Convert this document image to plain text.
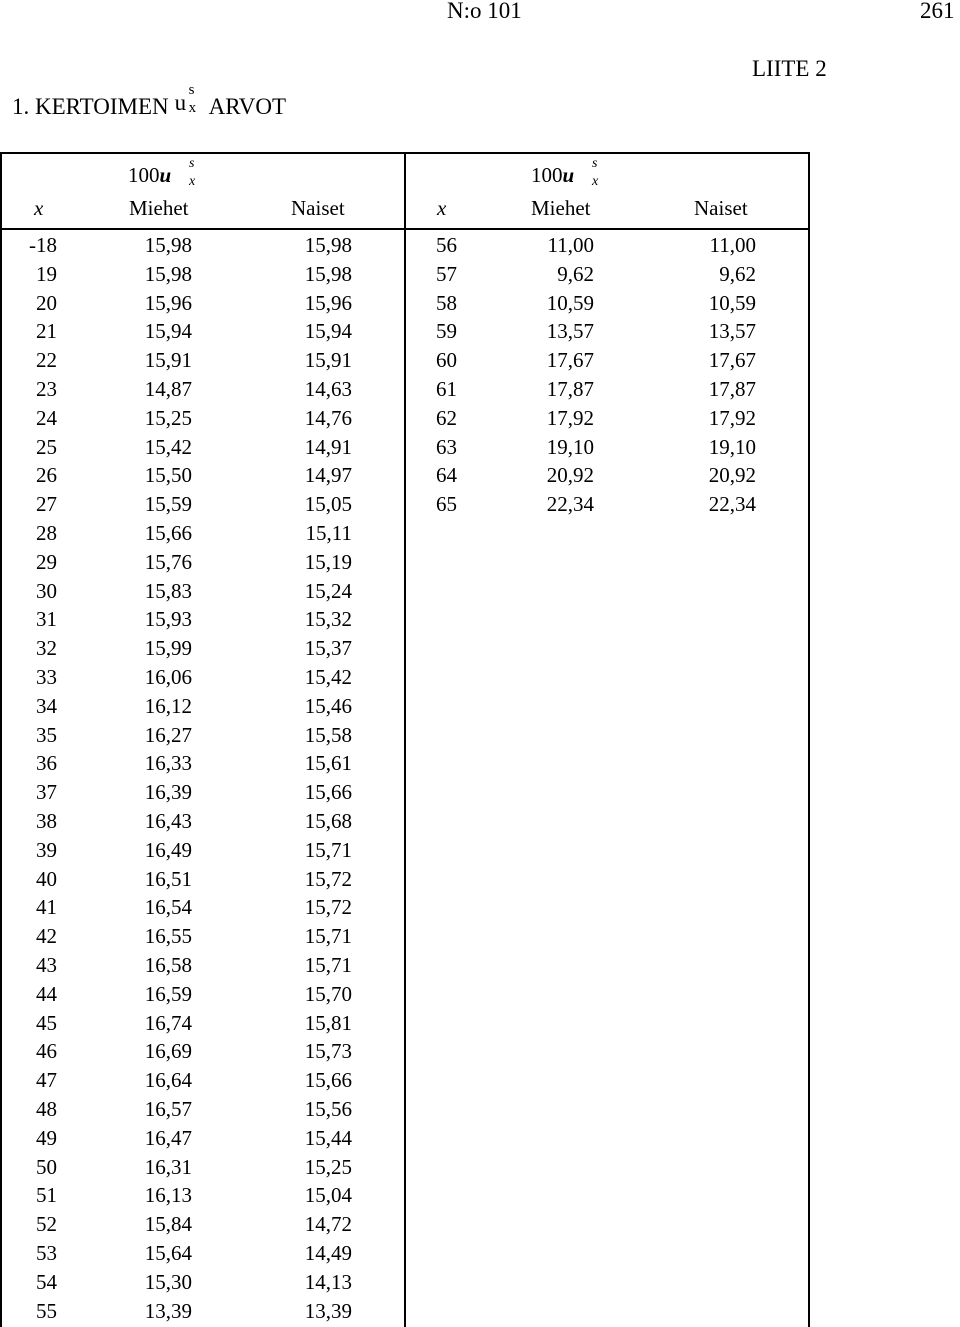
N:o 101	261
LIITE 2
1. KERTOIMEN u s
x ARVOT
100u s
x
x	Miehet	Naiset
100u s
x
x	Miehet	Naiset
-18	15,98	15,98
19	15,98	15,98
20	15,96	15,96
21	15,94	15,94
22	15,91	15,91
23	14,87	14,63
24	15,25	14,76
25	15,42	14,91
26	15,50	14,97
27	15,59	15,05
28	15,66	15,11
29	15,76	15,19
30	15,83	15,24
31	15,93	15,32
32	15,99	15,37
33	16,06	15,42
34	16,12	15,46
35	16,27	15,58
36	16,33	15,61
37	16,39	15,66
38	16,43	15,68
39	16,49	15,71
40	16,51	15,72
41	16,54	15,72
42	16,55	15,71
43	16,58	15,71
44	16,59	15,70
45	16,74	15,81
46	16,69	15,73
47	16,64	15,66
48	16,57	15,56
49	16,47	15,44
50	16,31	15,25
51	16,13	15,04
52	15,84	14,72
53	15,64	14,49
54	15,30	14,13
55	13,39	13,39
56	11,00	11,00
57	9,62	9,62
58	10,59	10,59
59	13,57	13,57
60	17,67	17,67
61	17,87	17,87
62	17,92	17,92
63	19,10	19,10
64	20,92	20,92
65	22,34	22,34
